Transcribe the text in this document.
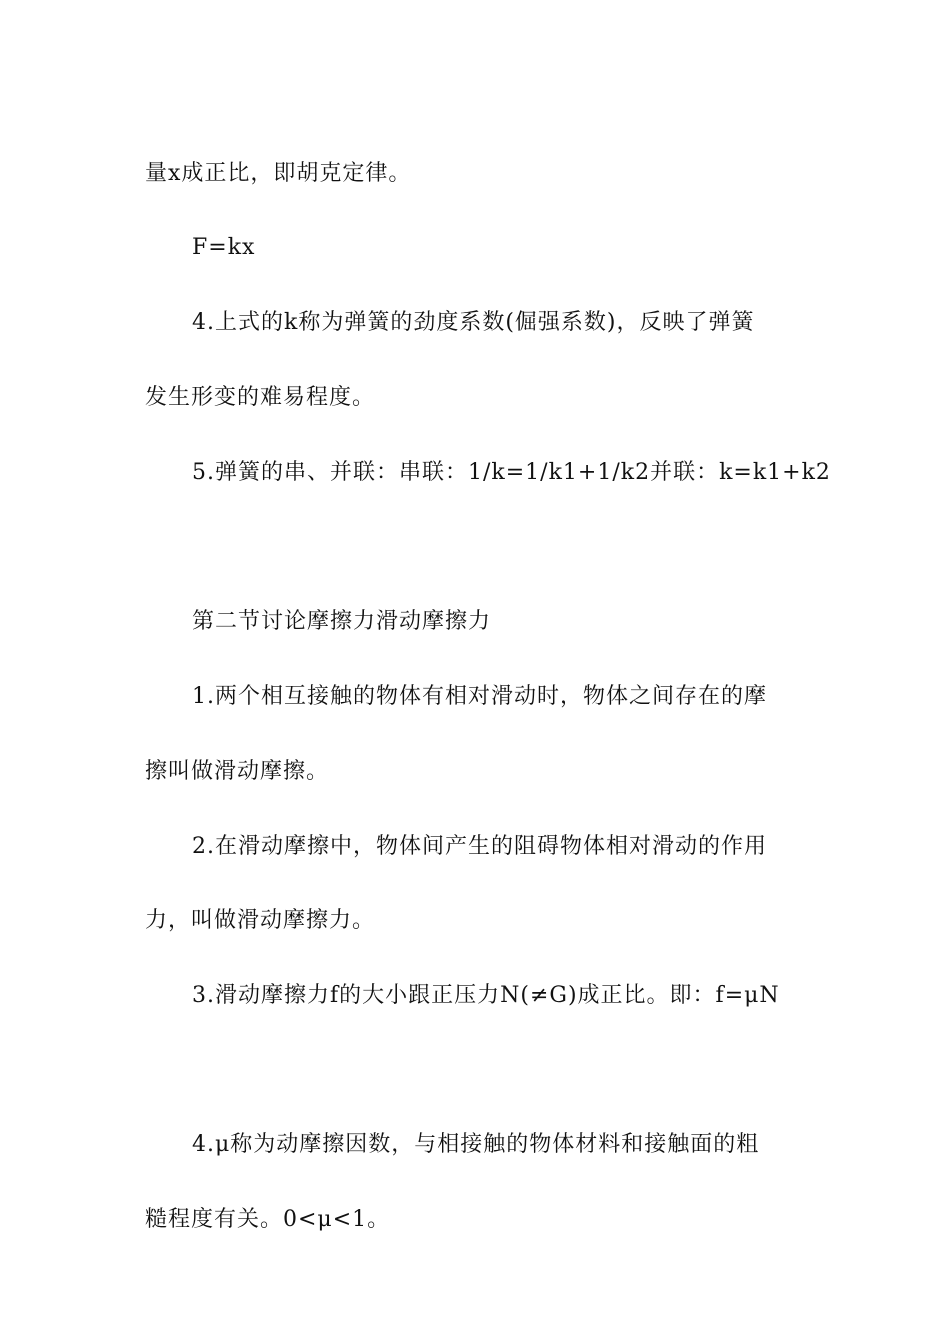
量x成正比，即胡克定律。

F=kx

4.上式的k称为弹簧的劲度系数(倔强系数)，反映了弹簧

发生形变的难易程度。

5.弹簧的串、并联：串联：1/k=1/k1+1/k2并联：k=k1+k2

第二节讨论摩擦力滑动摩擦力

1.两个相互接触的物体有相对滑动时，物体之间存在的摩

擦叫做滑动摩擦。

2.在滑动摩擦中，物体间产生的阻碍物体相对滑动的作用

力，叫做滑动摩擦力。

3.滑动摩擦力f的大小跟正压力N(≠G)成正比。即：f=μN

4.μ称为动摩擦因数，与相接触的物体材料和接触面的粗

糙程度有关。0<μ<1。
